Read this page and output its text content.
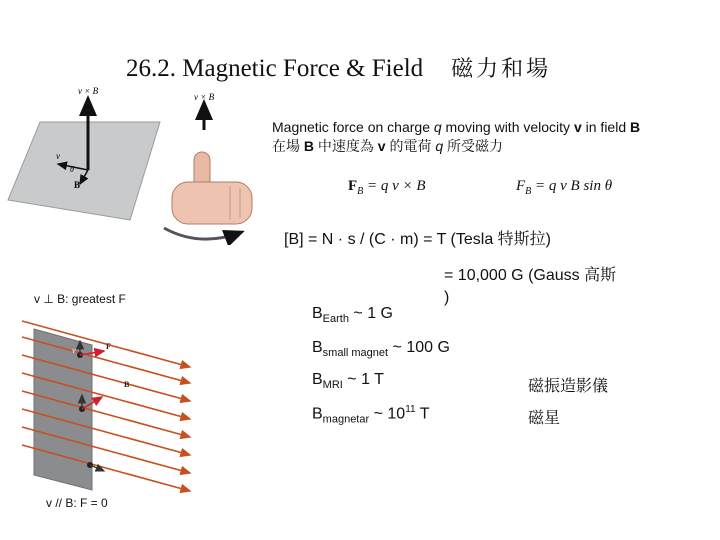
26.2. Magnetic Force & Field 磁力和場
v × B
v
B
θ
v × B
Magnetic force on charge q moving with velocity v in field B
在場 B 中速度為 v 的電荷 q 所受磁力
$F_B = q$ v × B	$F_B = q$ v B sin θ
[B] = N · s / (C · m) = T (Tesla 特斯拉)
= 10,000 G (Gauss 高斯
)
$B_{Earth}$ ~ 1 G
$B_{small magnet}$ ~ 100 G
$B_{MRI}$ ~ 1 T	磁振造影儀
$B_{magnetar}$ ~ $10^{11}$ T	磁星
v ⊥ B: greatest F
v // B: F = 0
v	F
B
